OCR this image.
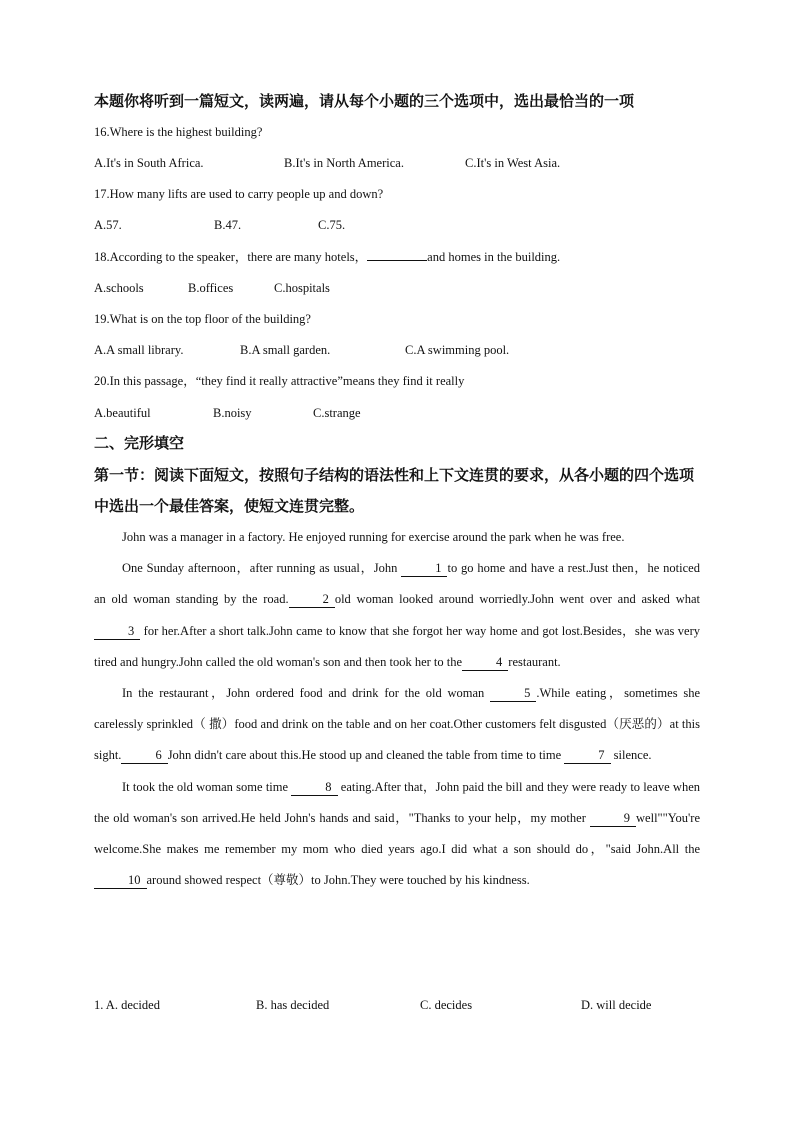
本题你将听到一篇短文，读两遍，请从每个小题的三个选项中，选出最恰当的一项
16.Where is the highest building?
A.It's in South Africa.	B.It's in North America.	C.It's in West Asia.
17.How many lifts are used to carry people up and down?
A.57.	B.47.	C.75.
18.According to the speaker，there are many hotels，	and homes in the building.
A.schools	B.offices	C.hospitals
19.What is on the top floor of the building?
A.A small library.	B.A small garden.	C.A swimming pool.
20.In this passage，“they find it really attractive”means they find it really
A.beautiful	B.noisy	C.strange
二、完形填空
第一节：阅读下面短文，按照句子结构的语法性和上下文连贯的要求，从各小题的四个选项中选出一个最佳答案，使短文连贯完整。

John was a manager in a factory. He enjoyed running for exercise around the park when he was free.

One Sunday afternoon，after running as usual，John	1 to go home and have a rest.Just then，he noticed an old woman standing by the road.	2 old woman looked around worriedly.John went over and asked what 3 for her.After a short talk.John came to know that she forgot her way home and got lost.Besides，she was very tired and hungry.John called the old woman's son and then took her to the	4 restaurant.

In the restaurant，John ordered food and drink for the old woman	5 .While eating，sometimes she carelessly sprinkled（ 撒）food and drink on the table and on her coat.Other customers felt disgusted（厌恶的）at this sight.	6 John didn't care about this.He stood up and cleaned the table from time to time	7 silence.

It took the old woman some time	8 eating.After that，John paid the bill and they were ready to leave when the old woman's son arrived.He held John's hands and said，"Thanks to your help，my mother	9 well""You're welcome.She makes me remember my mom who died years ago.I did what a son should do，"said John.All the 10 around showed respect（尊敬）to John.They were touched by his kindness.

1. A. decided	B. has decided	C. decides	D. will decide
